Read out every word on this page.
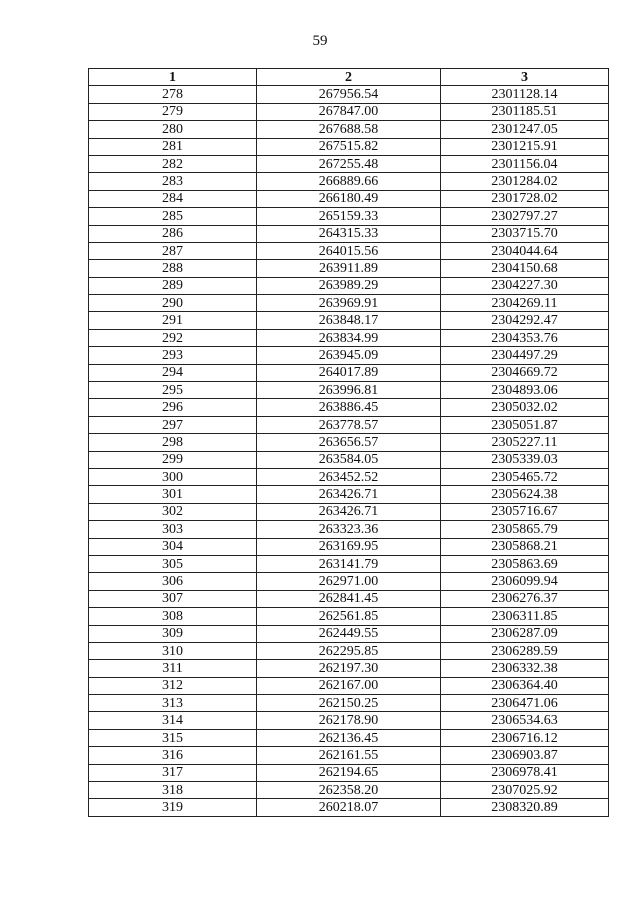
59
1	2	3
278	267956.54	2301128.14
279	267847.00	2301185.51
280	267688.58	2301247.05
281	267515.82	2301215.91
282	267255.48	2301156.04
283	266889.66	2301284.02
284	266180.49	2301728.02
285	265159.33	2302797.27
286	264315.33	2303715.70
287	264015.56	2304044.64
288	263911.89	2304150.68
289	263989.29	2304227.30
290	263969.91	2304269.11
291	263848.17	2304292.47
292	263834.99	2304353.76
293	263945.09	2304497.29
294	264017.89	2304669.72
295	263996.81	2304893.06
296	263886.45	2305032.02
297	263778.57	2305051.87
298	263656.57	2305227.11
299	263584.05	2305339.03
300	263452.52	2305465.72
301	263426.71	2305624.38
302	263426.71	2305716.67
303	263323.36	2305865.79
304	263169.95	2305868.21
305	263141.79	2305863.69
306	262971.00	2306099.94
307	262841.45	2306276.37
308	262561.85	2306311.85
309	262449.55	2306287.09
310	262295.85	2306289.59
311	262197.30	2306332.38
312	262167.00	2306364.40
313	262150.25	2306471.06
314	262178.90	2306534.63
315	262136.45	2306716.12
316	262161.55	2306903.87
317	262194.65	2306978.41
318	262358.20	2307025.92
319	260218.07	2308320.89
